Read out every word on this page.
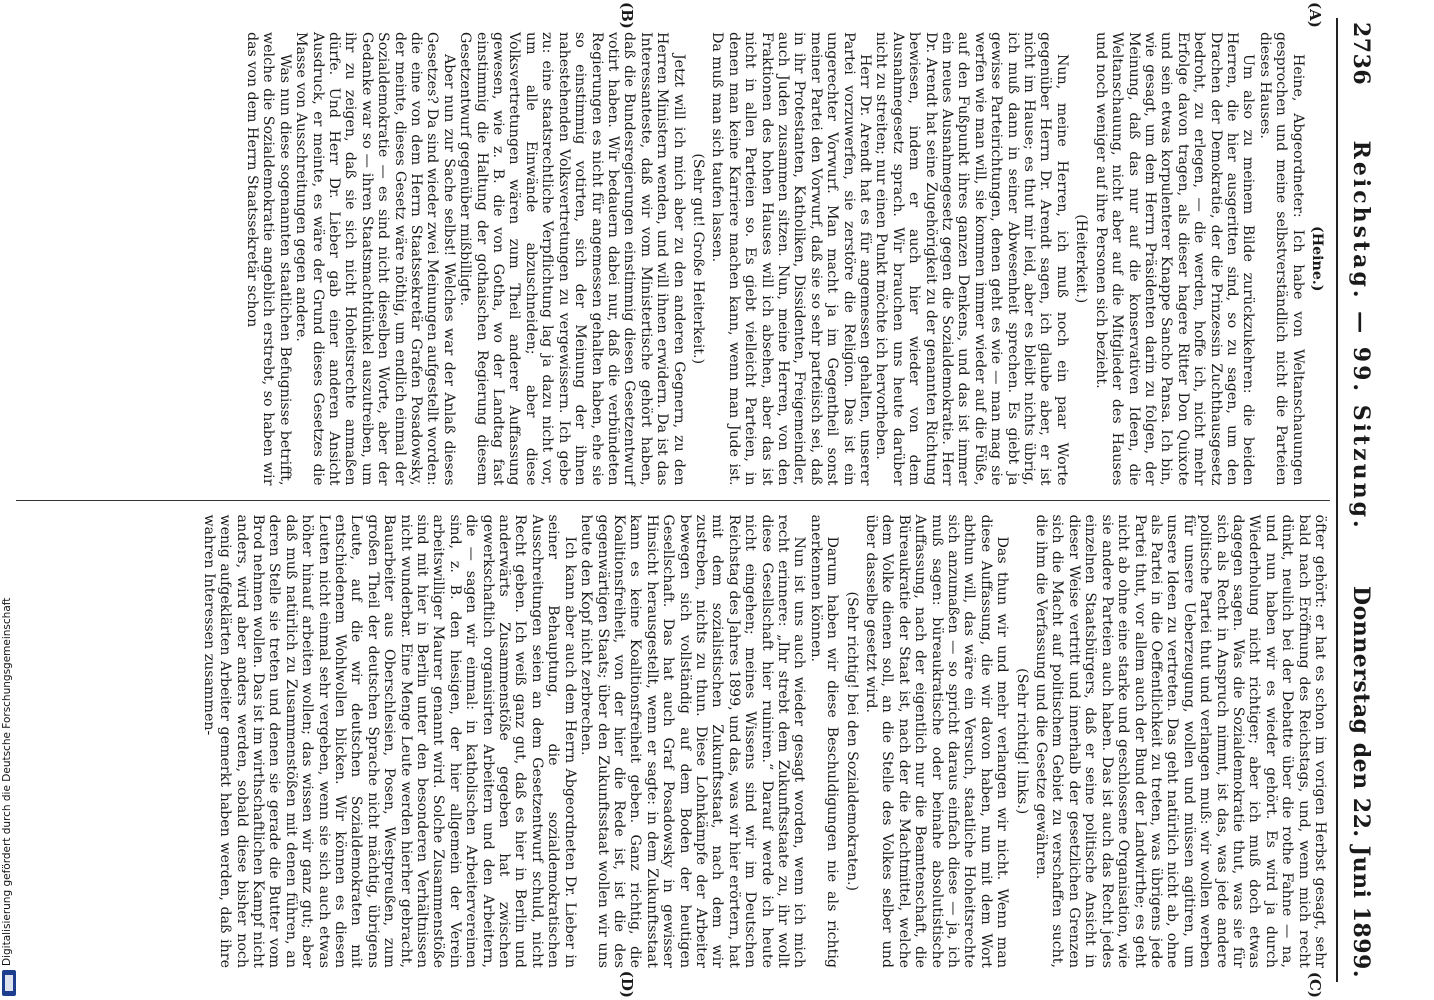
Digitalisierung gefördert durch die Deutsche Forschungsgemeinschaft
2736
Reichstag. — 99. Sitzung.
Donnerstag den 22. Juni 1899.
(A)
(B)
(C)
(D)

(Heine.)

Heine, Abgeordneter: Ich habe von Weltanschauungen gesprochen und meine selbstverständlich nicht die Parteien dieses Hauses.

Um also zu meinem Bilde zurückzukehren: die beiden Herren, die hier ausgeritten sind, so zu sagen, um den Drachen der Demokratie, der die Prinzessin Zuchthausgesetz bedroht, zu erlegen, — die werden, hoffe ich, nicht mehr Erfolge davon tragen, als dieser hagere Ritter Don Quixote und sein etwas korpulenterer Knappe Sancho Pansa. Ich bin, wie gesagt, um dem Herrn Präsidenten darin zu folgen, der Meinung, daß das nur auf die konservativen Ideen, die Weltanschauung, nicht aber auf die Mitglieder des Hauses und noch weniger auf ihre Personen sich bezieht.

(Heiterkeit.)

Nun, meine Herren, ich muß noch ein paar Worte gegenüber Herrn Dr. Arendt sagen, ich glaube aber, er ist nicht im Hause; es thut mir leid, aber es bleibt nichts übrig, ich muß dann in seiner Abwesenheit sprechen. Es giebt ja gewisse Parteirichtungen, denen geht es wie — man mag sie werfen wie man will, sie kommen immer wieder auf die Füße, auf den Fußpunkt ihres ganzen Denkens, und das ist immer ein neues Ausnahmegesetz gegen die Sozialdemokratie. Herr Dr. Arendt hat seine Zugehörigkeit zu der genannten Richtung bewiesen, indem er auch hier wieder von dem Ausnahmegesetz sprach. Wir brauchen uns heute darüber nicht zu streiten; nur einen Punkt möchte ich hervorheben.

Herr Dr. Arendt hat es für angemessen gehalten, unserer Partei vorzuwerfen, sie zerstöre die Religion. Das ist ein ungerechter Vorwurf. Man macht ja im Gegentheil sonst meiner Partei den Vorwurf, daß sie so sehr parteiisch sei, daß in ihr Protestanten, Katholiken, Dissidenten, Freigemeindler, auch Juden zusammen sitzen. Nun, meine Herren, von den Fraktionen des hohen Hauses will ich absehen, aber das ist nicht in allen Parteien so. Es giebt vielleicht Parteien, in denen man keine Karriere machen kann, wenn man Jude ist. Da muß man sich taufen lassen.

(Sehr gut! Große Heiterkeit.)

Jetzt will ich mich aber zu den anderen Gegnern, zu den Herren Ministern wenden, und will ihnen erwidern. Da ist das Interessanteste, daß wir vom Ministertische gehört haben, daß die Bundesregierungen einstimmig diesen Gesetzentwurf votirt haben. Wir bedauern dabei nur, daß die verbündeten Regierungen es nicht für angemessen gehalten haben, ehe sie so einstimmig votirten, sich der Meinung der ihnen nahestehenden Volksvertretungen zu vergewissern. Ich gebe zu: eine staatsrechtliche Verpflichtung lag ja dazu nicht vor, um alle Einwände abzuschneiden; aber diese Volksvertretungen wären zum Theil anderer Auffassung gewesen, wie z. B. die von Gotha, wo der Landtag fast einstimmig die Haltung der gothaischen Regierung diesem Gesetzentwurf gegenüber mißbilligte.

Aber nun zur Sache selbst! Welches war der Anlaß dieses Gesetzes? Da sind wieder zwei Meinungen aufgestellt worden: die eine von dem Herrn Staatssekretär Grafen Posadowsky, der meinte, dieses Gesetz wäre nöthig, um endlich einmal der Sozialdemokratie — es sind nicht dieselben Worte, aber der Gedanke war so — ihren Staatsmachtdünkel auszutreiben, um ihr zu zeigen, daß sie sich nicht Hoheitsrechte anmaßen dürfe. Und Herr Dr. Lieber gab einer anderen Ansicht Ausdruck, er meinte, es wäre der Grund dieses Gesetzes die Masse von Ausschreitungen gegen andere.

Was nun diese sogenannten staatlichen Befugnisse betrifft, welche die Sozialdemokratie angeblich erstrebt, so haben wir das von dem Herrn Staatssekretär schon

öfter gehört: er hat es schon im vorigen Herbst gesagt, sehr bald nach Eröffnung des Reichstags, und, wenn mich recht dünkt, neulich bei der Debatte über die rothe Fahne — na, und nun haben wir es wieder gehört. Es wird ja durch Wiederholung nicht richtiger; aber ich muß doch etwas dagegen sagen. Was die Sozialdemokratie thut, was sie für sich als Recht in Anspruch nimmt, ist das, was jede andere politische Partei thut und verlangen muß: wir wollen werben für unsere Ueberzeugung, wollen und müssen agitiren, um unsere Ideen zu vertreten. Das geht natürlich nicht ab, ohne als Partei in die Oeffentlichkeit zu treten, was übrigens jede Partei thut, vor allem auch der Bund der Landwirthe; es geht nicht ab ohne eine starke und geschlossene Organisation, wie sie andere Parteien auch haben. Das ist auch das Recht jedes einzelnen Staatsbürgers, daß er seine politische Ansicht in dieser Weise vertritt und innerhalb der gesetzlichen Grenzen sich die Macht auf politischem Gebiet zu verschaffen sucht, die ihm die Verfassung und die Gesetze gewähren.

(Sehr richtig! links.)

Das thun wir und mehr verlangen wir nicht. Wenn man diese Auffassung, die wir davon haben, nun mit dem Wort abthun will, das wäre ein Versuch, staatliche Hoheitsrechte sich anzumaßen — so spricht daraus einfach diese — ja, ich muß sagen: büreaukratische oder beinahe absolutistische Auffassung, nach der eigentlich nur die Beamtenschaft, die Büreaukratie der Staat ist, nach der die Machtmittel, welche dem Volke dienen soll, an die Stelle des Volkes selber und über dasselbe gesetzt wird.

(Sehr richtig! bei den Sozialdemokraten.)

Darum haben wir diese Beschuldigungen nie als richtig anerkennen können.

Nun ist uns auch wieder gesagt worden, wenn ich mich recht erinnere: „Ihr strebt dem Zukunftsstaate zu, ihr wollt diese Gesellschaft hier ruiniren.“ Darauf werde ich heute nicht eingehen; meines Wissens sind wir im Deutschen Reichstag des Jahres 1899, und das, was wir hier erörtern, hat mit dem sozialistischen Zukunftsstaat, nach dem wir zustreben, nichts zu thun. Diese Lohnkämpfe der Arbeiter bewegen sich vollständig auf dem Boden der heutigen Gesellschaft. Das hat auch Graf Posadowsky in gewisser Hinsicht herausgestellt, wenn er sagte: in dem Zukunftsstaat kann es keine Koalitionsfreiheit geben. Ganz richtig, die Koalitionsfreiheit, von der hier die Rede ist, ist die des gegenwärtigen Staats; über den Zukunftsstaat wollen wir uns heute den Kopf nicht zerbrechen.

Ich kann aber auch dem Herrn Abgeordneten Dr. Lieber in seiner Behauptung, die sozialdemokratischen Ausschreitungen seien an dem Gesetzentwurf schuld, nicht Recht geben. Ich weiß ganz gut, daß es hier in Berlin und anderwärts Zusammenstöße gegeben hat zwischen gewerkschaftlich organisirten Arbeitern und den Arbeitern, die — sagen wir einmal: in katholischen Arbeitervereinen sind, z. B. den hiesigen, der hier allgemein der Verein arbeitswilliger Maurer genannt wird. Solche Zusammenstöße sind mit hier in Berlin unter den besonderen Verhältnissen nicht wunderbar. Eine Menge Leute werden hierher gebracht, Bauarbeiter aus Oberschlesien, Posen, Westpreußen, zum großen Theil der deutschen Sprache nicht mächtig, übrigens Leute, auf die wir deutschen Sozialdemokraten mit entschiedenem Wohlwollen blicken. Wir können es diesen Leuten nicht einmal sehr vergeben, wenn sie sich auch etwas höher hinauf arbeiten wollen; das wissen wir ganz gut; aber daß muß natürlich zu Zusammenstößen mit denen führen, an deren Stelle sie treten und denen sie gerade die Butter vom Brod nehmen wollen. Das ist im wirthschaftlichen Kampf nicht anders, wird aber anders werden, sobald diese bisher noch wenig aufgeklärten Arbeiter gemerkt haben werden, daß ihre wahren Interessen zusammen-
